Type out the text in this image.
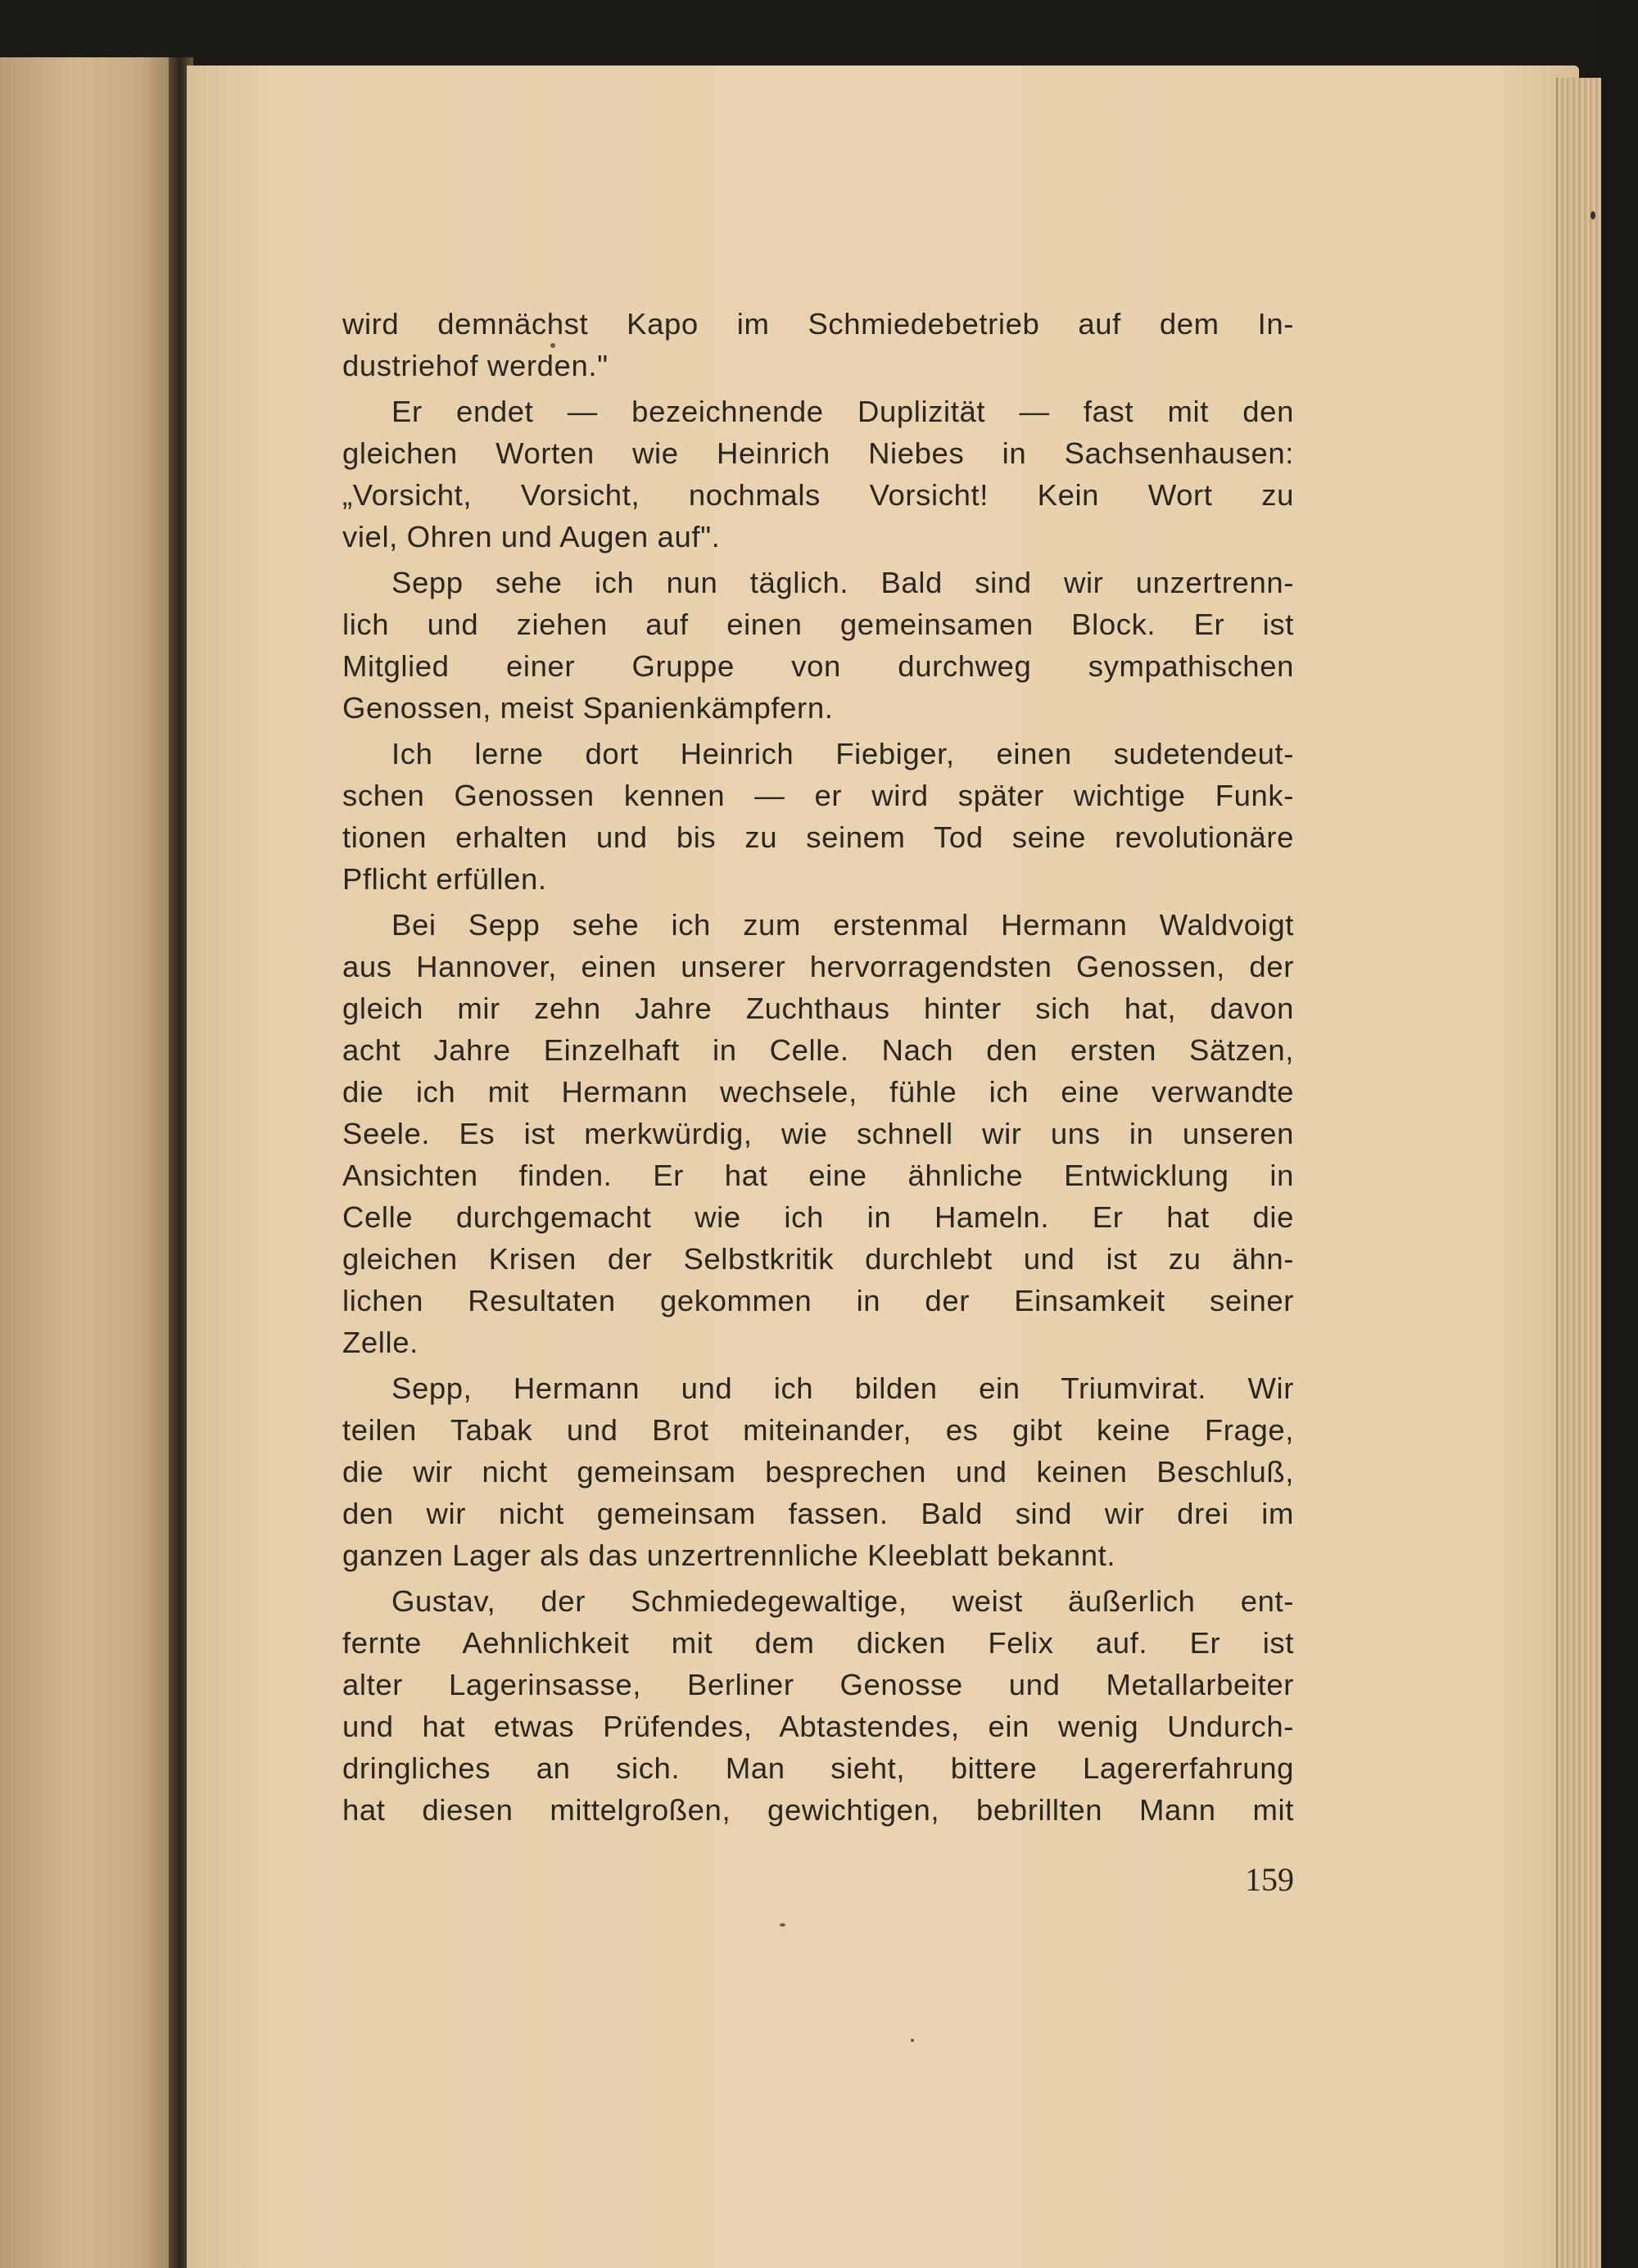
wird demnächst Kapo im Schmiedebetrieb auf dem In-
dustriehof werden."
Er endet — bezeichnende Duplizität — fast mit den
gleichen Worten wie Heinrich Niebes in Sachsenhausen:
„Vorsicht, Vorsicht, nochmals Vorsicht! Kein Wort zu
viel, Ohren und Augen auf".
Sepp sehe ich nun täglich. Bald sind wir unzertrenn-
lich und ziehen auf einen gemeinsamen Block. Er ist
Mitglied einer Gruppe von durchweg sympathischen
Genossen, meist Spanienkämpfern.
Ich lerne dort Heinrich Fiebiger, einen sudetendeut-
schen Genossen kennen — er wird später wichtige Funk-
tionen erhalten und bis zu seinem Tod seine revolutionäre
Pflicht erfüllen.
Bei Sepp sehe ich zum erstenmal Hermann Waldvoigt
aus Hannover, einen unserer hervorragendsten Genossen, der
gleich mir zehn Jahre Zuchthaus hinter sich hat, davon
acht Jahre Einzelhaft in Celle. Nach den ersten Sätzen,
die ich mit Hermann wechsele, fühle ich eine verwandte
Seele. Es ist merkwürdig, wie schnell wir uns in unseren
Ansichten finden. Er hat eine ähnliche Entwicklung in
Celle durchgemacht wie ich in Hameln. Er hat die
gleichen Krisen der Selbstkritik durchlebt und ist zu ähn-
lichen Resultaten gekommen in der Einsamkeit seiner
Zelle.
Sepp, Hermann und ich bilden ein Triumvirat. Wir
teilen Tabak und Brot miteinander, es gibt keine Frage,
die wir nicht gemeinsam besprechen und keinen Beschluß,
den wir nicht gemeinsam fassen. Bald sind wir drei im
ganzen Lager als das unzertrennliche Kleeblatt bekannt.
Gustav, der Schmiedegewaltige, weist äußerlich ent-
fernte Aehnlichkeit mit dem dicken Felix auf. Er ist
alter Lagerinsasse, Berliner Genosse und Metallarbeiter
und hat etwas Prüfendes, Abtastendes, ein wenig Undurch-
dringliches an sich. Man sieht, bittere Lagererfahrung
hat diesen mittelgroßen, gewichtigen, bebrillten Mann mit
159
